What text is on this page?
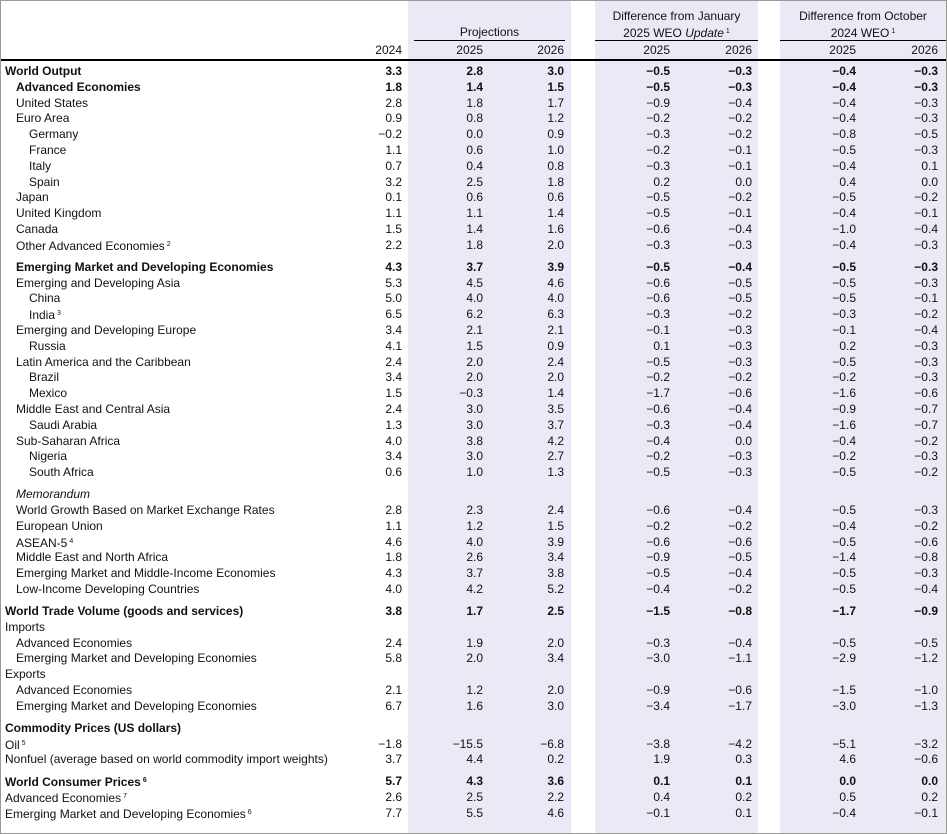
Projections
Difference from January
2025 WEO Update $^1$
Difference from October
2024 WEO $^1$
2024	2025	2026	2025	2026	2025	2026
World Output	3.3	2.8	3.0	−0.5	−0.3	−0.4	−0.3
Advanced Economies	1.8	1.4	1.5	−0.5	−0.3	−0.4	−0.3
United States	2.8	1.8	1.7	−0.9	−0.4	−0.4	−0.3
Euro Area	0.9	0.8	1.2	−0.2	−0.2	−0.4	−0.3
Germany	−0.2	0.0	0.9	−0.3	−0.2	−0.8	−0.5
France	1.1	0.6	1.0	−0.2	−0.1	−0.5	−0.3
Italy	0.7	0.4	0.8	−0.3	−0.1	−0.4	0.1
Spain	3.2	2.5	1.8	0.2	0.0	0.4	0.0
Japan	0.1	0.6	0.6	−0.5	−0.2	−0.5	−0.2
United Kingdom	1.1	1.1	1.4	−0.5	−0.1	−0.4	−0.1
Canada	1.5	1.4	1.6	−0.6	−0.4	−1.0	−0.4
Other Advanced Economies $^2$	2.2	1.8	2.0	−0.3	−0.3	−0.4	−0.3
Emerging Market and Developing Economies	4.3	3.7	3.9	−0.5	−0.4	−0.5	−0.3
Emerging and Developing Asia	5.3	4.5	4.6	−0.6	−0.5	−0.5	−0.3
China	5.0	4.0	4.0	−0.6	−0.5	−0.5	−0.1
India $^3$	6.5	6.2	6.3	−0.3	−0.2	−0.3	−0.2
Emerging and Developing Europe	3.4	2.1	2.1	−0.1	−0.3	−0.1	−0.4
Russia	4.1	1.5	0.9	0.1	−0.3	0.2	−0.3
Latin America and the Caribbean	2.4	2.0	2.4	−0.5	−0.3	−0.5	−0.3
Brazil	3.4	2.0	2.0	−0.2	−0.2	−0.2	−0.3
Mexico	1.5	−0.3	1.4	−1.7	−0.6	−1.6	−0.6
Middle East and Central Asia	2.4	3.0	3.5	−0.6	−0.4	−0.9	−0.7
Saudi Arabia	1.3	3.0	3.7	−0.3	−0.4	−1.6	−0.7
Sub-Saharan Africa	4.0	3.8	4.2	−0.4	0.0	−0.4	−0.2
Nigeria	3.4	3.0	2.7	−0.2	−0.3	−0.2	−0.3
South Africa	0.6	1.0	1.3	−0.5	−0.3	−0.5	−0.2
Memorandum
World Growth Based on Market Exchange Rates	2.8	2.3	2.4	−0.6	−0.4	−0.5	−0.3
European Union	1.1	1.2	1.5	−0.2	−0.2	−0.4	−0.2
ASEAN-5 $^4$	4.6	4.0	3.9	−0.6	−0.6	−0.5	−0.6
Middle East and North Africa	1.8	2.6	3.4	−0.9	−0.5	−1.4	−0.8
Emerging Market and Middle-Income Economies	4.3	3.7	3.8	−0.5	−0.4	−0.5	−0.3
Low-Income Developing Countries	4.0	4.2	5.2	−0.4	−0.2	−0.5	−0.4
World Trade Volume (goods and services)	3.8	1.7	2.5	−1.5	−0.8	−1.7	−0.9
Imports
Advanced Economies	2.4	1.9	2.0	−0.3	−0.4	−0.5	−0.5
Emerging Market and Developing Economies	5.8	2.0	3.4	−3.0	−1.1	−2.9	−1.2
Exports
Advanced Economies	2.1	1.2	2.0	−0.9	−0.6	−1.5	−1.0
Emerging Market and Developing Economies	6.7	1.6	3.0	−3.4	−1.7	−3.0	−1.3
Commodity Prices (US dollars)
Oil $^5$	−1.8	−15.5	−6.8	−3.8	−4.2	−5.1	−3.2
Nonfuel (average based on world commodity import weights)	3.7	4.4	0.2	1.9	0.3	4.6	−0.6
World Consumer Prices $^6$	5.7	4.3	3.6	0.1	0.1	0.0	0.0
Advanced Economies $^7$	2.6	2.5	2.2	0.4	0.2	0.5	0.2
Emerging Market and Developing Economies $^6$	7.7	5.5	4.6	−0.1	0.1	−0.4	−0.1
